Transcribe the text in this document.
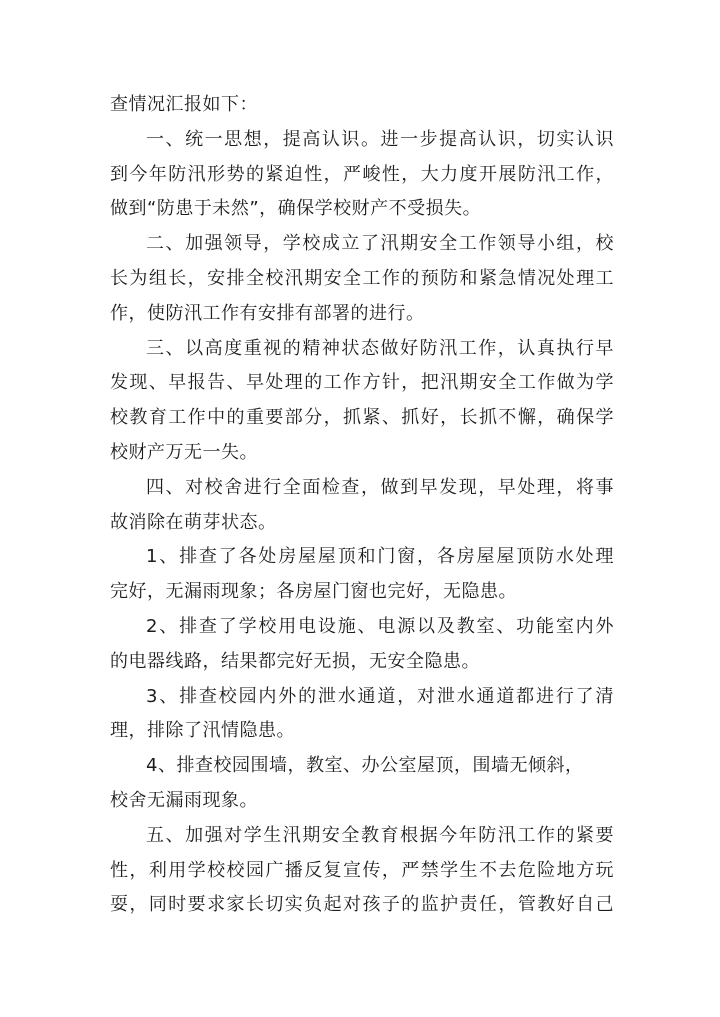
查情况汇报如下：
一、统一思想，提高认识。进一步提高认识，切实认识
到今年防汛形势的紧迫性，严峻性，大力度开展防汛工作，
做到“防患于未然”，确保学校财产不受损失。
二、加强领导，学校成立了汛期安全工作领导小组，校
长为组长，安排全校汛期安全工作的预防和紧急情况处理工
作，使防汛工作有安排有部署的进行。
三、以高度重视的精神状态做好防汛工作，认真执行早
发现、早报告、早处理的工作方针，把汛期安全工作做为学
校教育工作中的重要部分，抓紧、抓好，长抓不懈，确保学
校财产万无一失。
四、对校舍进行全面检查，做到早发现，早处理，将事
故消除在萌芽状态。
1、排查了各处房屋屋顶和门窗，各房屋屋顶防水处理
完好，无漏雨现象；各房屋门窗也完好，无隐患。
2、排查了学校用电设施、电源以及教室、功能室内外
的电器线路，结果都完好无损，无安全隐患。
3、排查校园内外的泄水通道，对泄水通道都进行了清
理，排除了汛情隐患。
4、排查校园围墙，教室、办公室屋顶，围墙无倾斜，
校舍无漏雨现象。
五、加强对学生汛期安全教育根据今年防汛工作的紧要
性，利用学校校园广播反复宣传，严禁学生不去危险地方玩
耍，同时要求家长切实负起对孩子的监护责任，管教好自己
